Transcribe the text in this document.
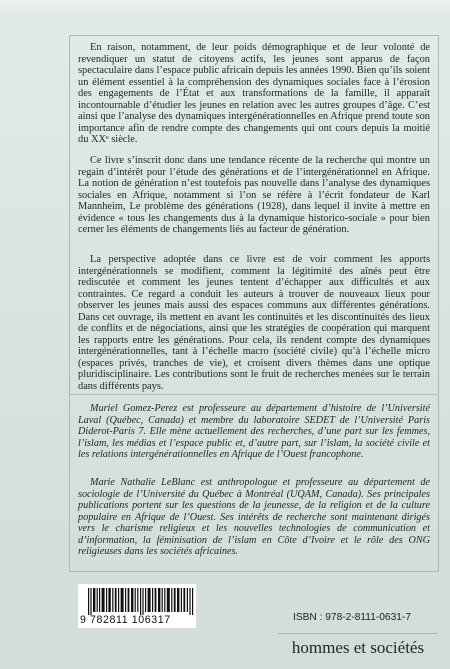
En raison, notamment, de leur poids démographique et de leur volonté de revendiquer un statut de citoyens actifs, les jeunes sont apparus de façon spectaculaire dans l’espace public africain depuis les années 1990. Bien qu’ils soient un élément essentiel à la compréhension des dynamiques sociales face à l’érosion des engagements de l’État et aux transformations de la famille, il apparaît incontournable d’étudier les jeunes en relation avec les autres groupes d’âge. C’est ainsi que l’analyse des dynamiques intergénérationnelles en Afrique prend toute son importance afin de rendre compte des changements qui ont cours depuis la moitié du XXᵉ siècle.

Ce livre s’inscrit donc dans une tendance récente de la recherche qui montre un regain d’intérêt pour l’étude des générations et de l’intergénérationnel en Afrique. La notion de génération n’est toutefois pas nouvelle dans l’analyse des dynamiques sociales en Afrique, notamment si l’on se réfère à l’écrit fondateur de Karl Mannheim, Le problème des générations (1928), dans lequel il invite à mettre en évidence « tous les changements dus à la dynamique historico-sociale » pour bien cerner les éléments de changements liés au facteur de génération.

La perspective adoptée dans ce livre est de voir comment les apports intergénérationnels se modifient, comment la légitimité des aînés peut être rediscutée et comment les jeunes tentent d’échapper aux difficultés et aux contraintes. Ce regard a conduit les auteurs à trouver de nouveaux lieux pour observer les jeunes mais aussi des espaces communs aux différentes générations. Dans cet ouvrage, ils mettent en avant les continuités et les discontinuités des lieux de conflits et de négociations, ainsi que les stratégies de coopération qui marquent les rapports entre les générations. Pour cela, ils rendent compte des dynamiques intergénérationnelles, tant à l’échelle macro (société civile) qu’à l’échelle micro (espaces privés, tranches de vie), et croisent divers thèmes dans une optique pluridisciplinaire. Les contributions sont le fruit de recherches menées sur le terrain dans différents pays.

Muriel Gomez-Perez est professeure au département d’histoire de l’Université Laval (Québec, Canada) et membre du laboratoire SEDET de l’Université Paris Diderot-Paris 7. Elle mène actuellement des recherches, d’une part sur les femmes, l’islam, les médias et l’espace public et, d’autre part, sur l’islam, la société civile et les relations intergénérationnelles en Afrique de l’Ouest francophone.

Marie Nathalie LeBlanc est anthropologue et professeure au département de sociologie de l’Université du Québec à Montréal (UQAM, Canada). Ses principales publications portent sur les questions de la jeunesse, de la religion et de la culture populaire en Afrique de l’Ouest. Ses intérêts de recherche sont maintenant dirigés vers le charisme religieux et les nouvelles technologies de communication et d’information, la féminisation de l’islam en Côte d’Ivoire et le rôle des ONG religieuses dans les sociétés africaines.

9 782811 106317	ISBN : 978-2-8111-0631-7
hommes et sociétés
